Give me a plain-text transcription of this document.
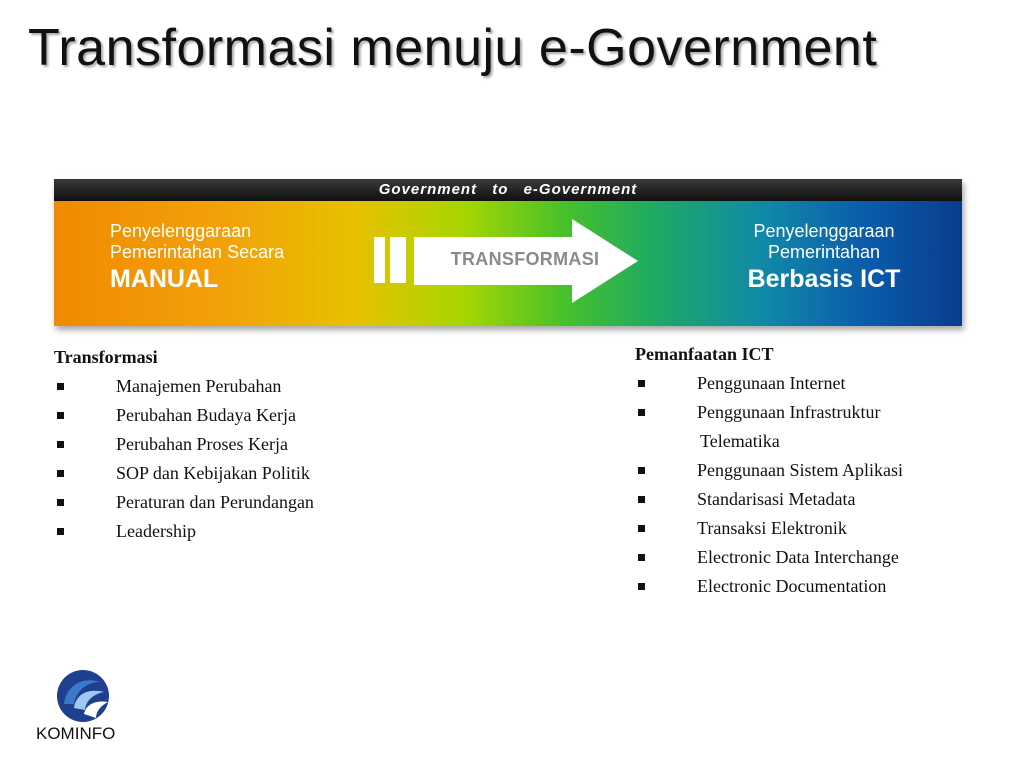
Transformasi menuju e-Government
Government to e-Government
Penyelenggaraan
Pemerintahan Secara
MANUAL
TRANSFORMASI
Penyelenggaraan
Pemerintahan
Berbasis ICT
Transformasi
Manajemen Perubahan
Perubahan Budaya Kerja
Perubahan Proses Kerja
SOP dan Kebijakan Politik
Peraturan dan Perundangan
Leadership
Pemanfaatan ICT
Penggunaan Internet
Penggunaan Infrastruktur
Telematika
Penggunaan Sistem Aplikasi
Standarisasi Metadata
Transaksi Elektronik
Electronic Data Interchange
Electronic Documentation
KOMINFO
